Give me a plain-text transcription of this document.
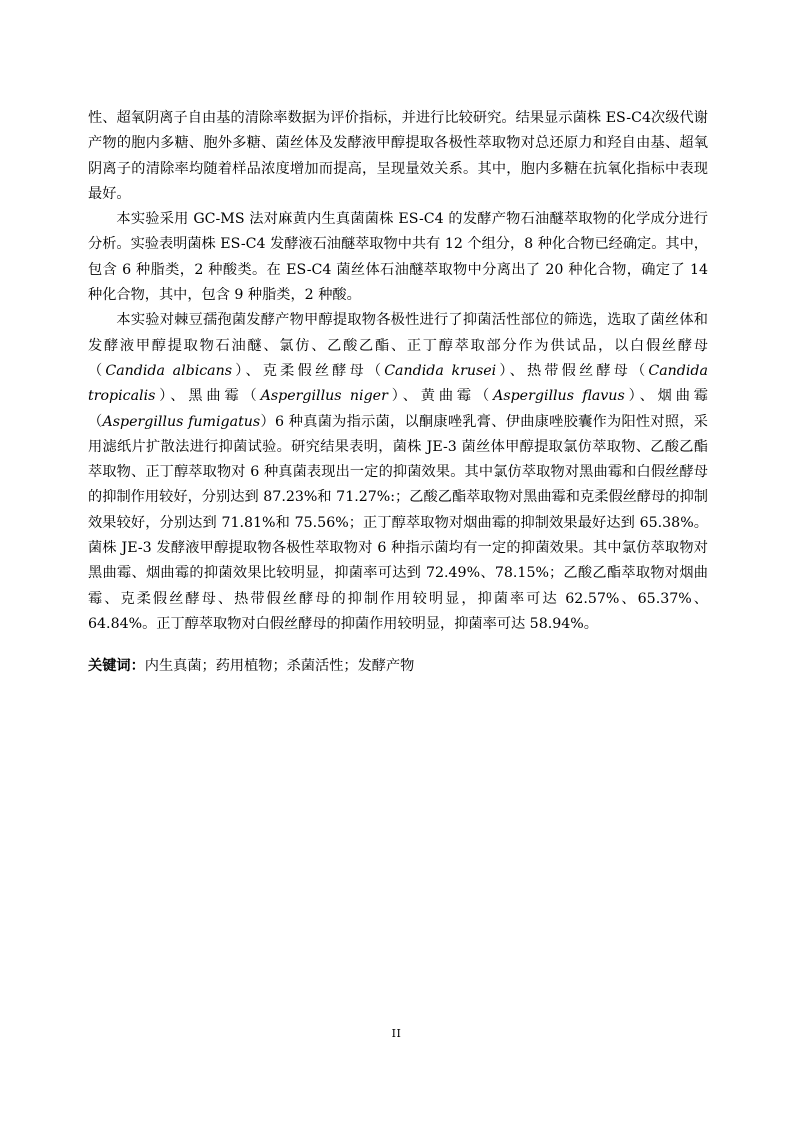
性、超氧阴离子自由基的清除率数据为评价指标，并进行比较研究。结果显示菌株 ES-C4次级代谢产物的胞内多糖、胞外多糖、菌丝体及发酵液甲醇提取各极性萃取物对总还原力和羟自由基、超氧阴离子的清除率均随着样品浓度增加而提高，呈现量效关系。其中，胞内多糖在抗氧化指标中表现最好。

本实验采用 GC-MS 法对麻黄内生真菌菌株 ES-C4 的发酵产物石油醚萃取物的化学成分进行分析。实验表明菌株 ES-C4 发酵液石油醚萃取物中共有 12 个组分，8 种化合物已经确定。其中，包含 6 种脂类，2 种酸类。在 ES-C4 菌丝体石油醚萃取物中分离出了 20 种化合物，确定了 14 种化合物，其中，包含 9 种脂类，2 种酸。

本实验对棘豆孺孢菌发酵产物甲醇提取物各极性进行了抑菌活性部位的筛选，选取了菌丝体和发酵液甲醇提取物石油醚、氯仿、乙酸乙酯、正丁醇萃取部分作为供试品，以白假丝酵母（Candida albicans）、克柔假丝酵母（Candida krusei）、热带假丝酵母（Candida tropicalis）、黑曲霉（Aspergillus niger）、黄曲霉（Aspergillus flavus）、烟曲霉（Aspergillus fumigatus）6 种真菌为指示菌，以酮康唑乳膏、伊曲康唑胶囊作为阳性对照，采用滤纸片扩散法进行抑菌试验。研究结果表明，菌株 JE-3 菌丝体甲醇提取氯仿萃取物、乙酸乙酯萃取物、正丁醇萃取物对 6 种真菌表现出一定的抑菌效果。其中氯仿萃取物对黑曲霉和白假丝酵母的抑制作用较好，分别达到 87.23%和 71.27%:；乙酸乙酯萃取物对黑曲霉和克柔假丝酵母的抑制效果较好，分别达到 71.81%和 75.56%；正丁醇萃取物对烟曲霉的抑制效果最好达到 65.38%。 菌株 JE-3 发酵液甲醇提取物各极性萃取物对 6 种指示菌均有一定的抑菌效果。其中氯仿萃取物对黑曲霉、烟曲霉的抑菌效果比较明显，抑菌率可达到 72.49%、78.15%；乙酸乙酯萃取物对烟曲霉、克柔假丝酵母、热带假丝酵母的抑制作用较明显，抑菌率可达 62.57%、65.37%、64.84%。正丁醇萃取物对白假丝酵母的抑菌作用较明显，抑菌率可达 58.94%。

关键词：内生真菌；药用植物；杀菌活性；发酵产物
II
